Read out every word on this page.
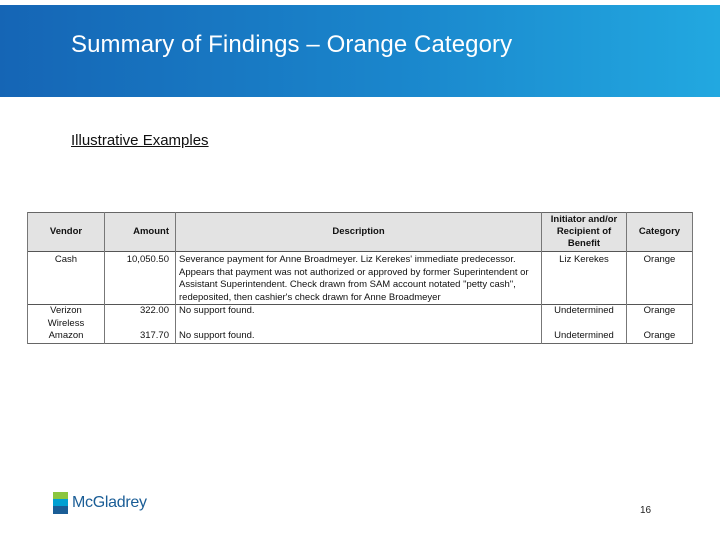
Summary of Findings – Orange Category
Illustrative Examples
Vendor	Amount	Description	Initiator and/or Recipient of Benefit	Category
Cash	10,050.50	Severance payment for Anne Broadmeyer. Liz Kerekes' immediate predecessor. Appears that payment was not authorized or approved by former Superintendent or Assistant Superintendent. Check drawn from SAM account notated "petty cash", redeposited, then cashier's check drawn for Anne Broadmeyer	Liz Kerekes	Orange
Verizon Wireless	322.00	No support found.	Undetermined	Orange
Amazon	317.70	No support found.	Undetermined	Orange
McGladrey	16
